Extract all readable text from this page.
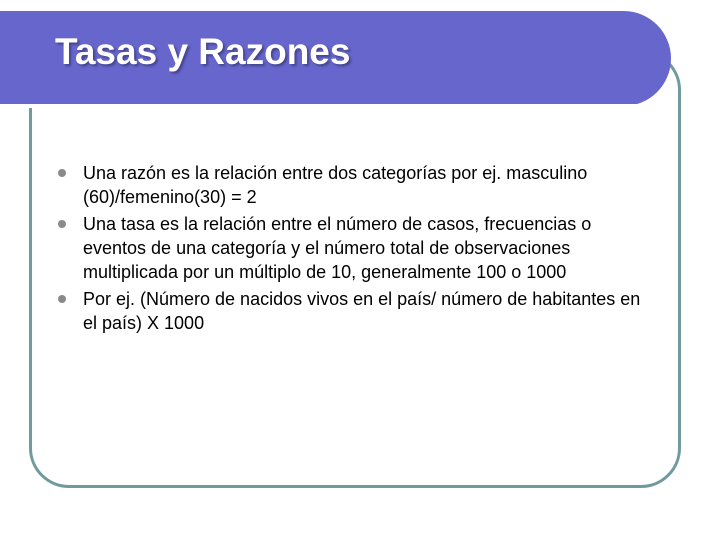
Tasas y Razones
Una razón es la relación entre dos categorías por ej. masculino (60)/femenino(30) = 2
Una tasa es la relación entre el número de casos, frecuencias o eventos de una categoría y el número total de observaciones multiplicada por un múltiplo de 10, generalmente 100 o 1000
Por ej. (Número de nacidos vivos en el país/ número de habitantes en el país) X 1000
